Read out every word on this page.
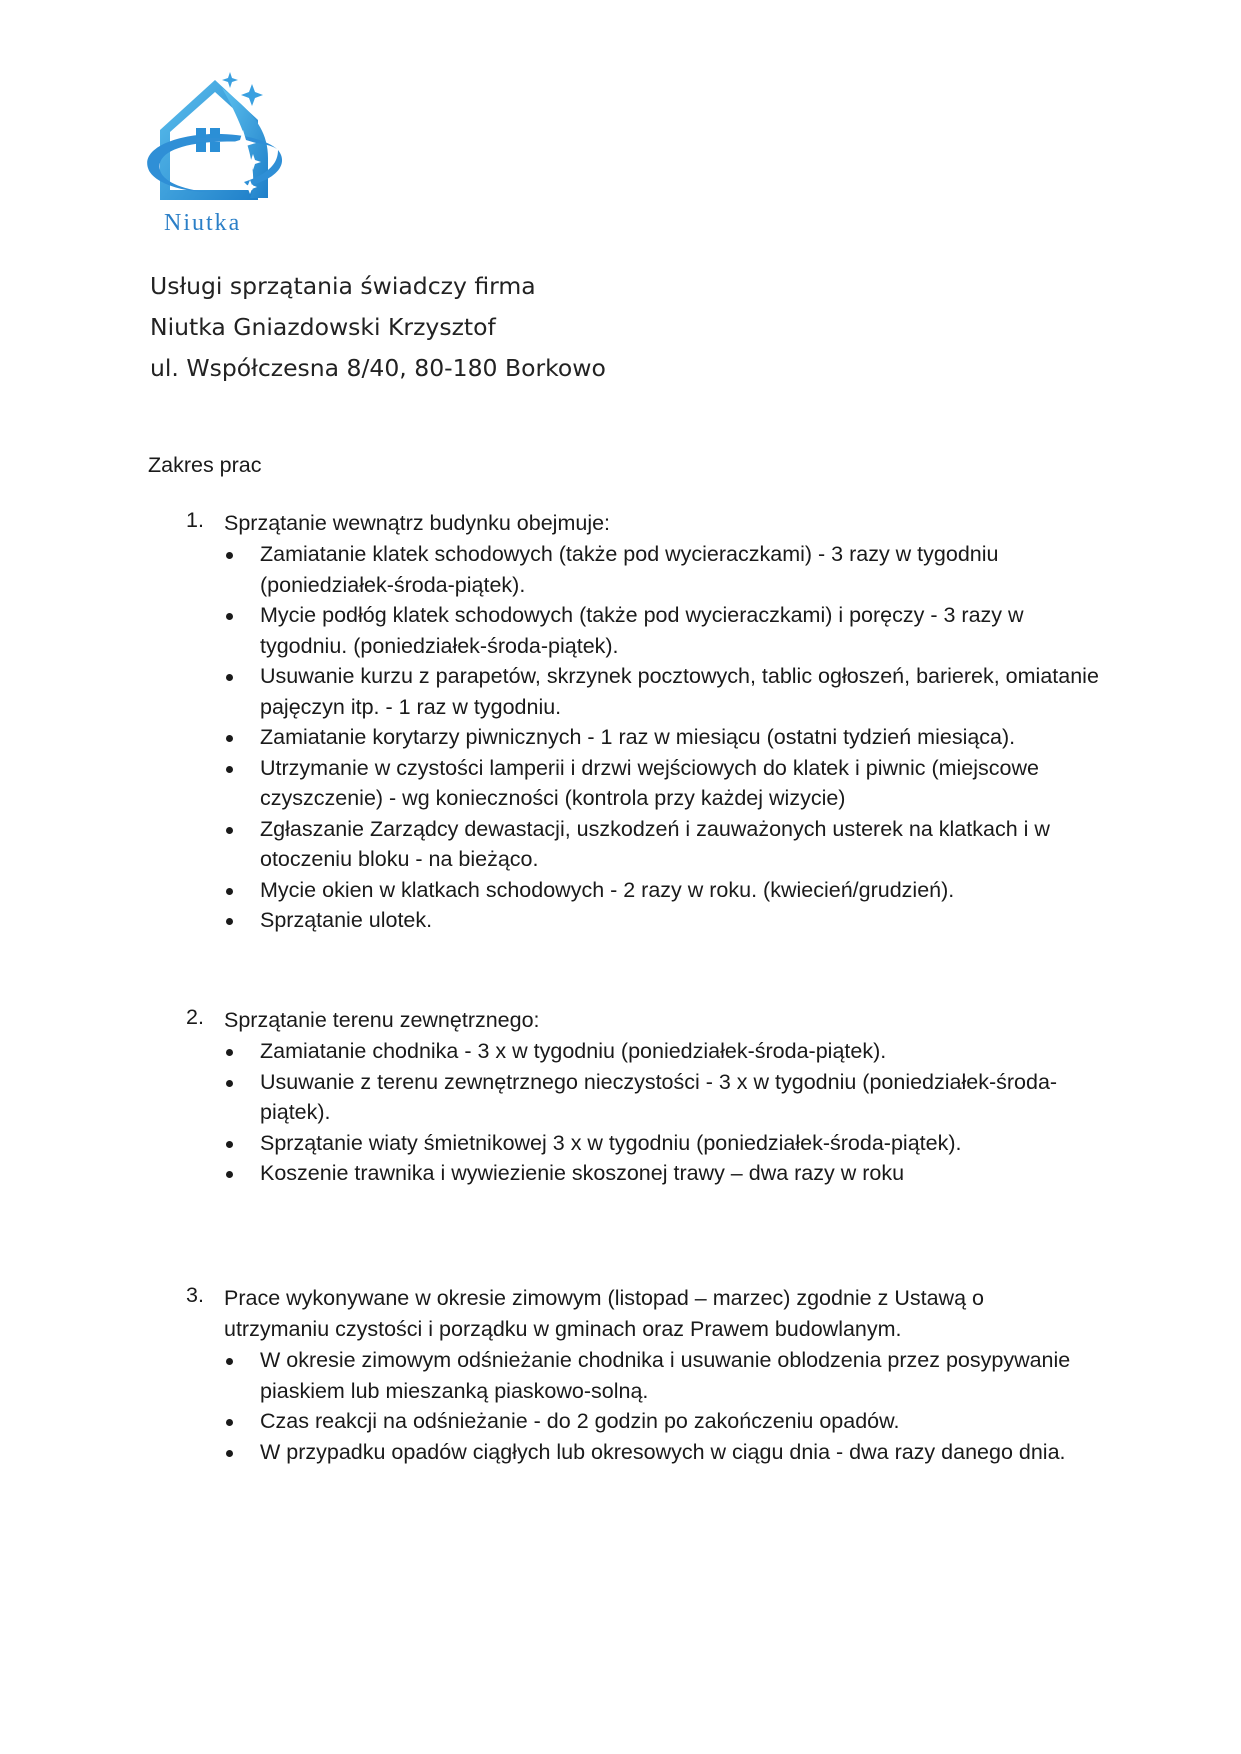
Niutka
Usługi sprzątania świadczy firma
Niutka Gniazdowski Krzysztof
ul. Współczesna 8/40, 80-180 Borkowo
Zakres prac
1. Sprzątanie wewnątrz budynku obejmuje:
Zamiatanie klatek schodowych (także pod wycieraczkami) - 3 razy w tygodniu (poniedziałek-środa-piątek).
Mycie podłóg klatek schodowych (także pod wycieraczkami) i poręczy - 3 razy w tygodniu. (poniedziałek-środa-piątek).
Usuwanie kurzu z parapetów, skrzynek pocztowych, tablic ogłoszeń, barierek, omiatanie pajęczyn itp. - 1 raz w tygodniu.
Zamiatanie korytarzy piwnicznych - 1 raz w miesiącu (ostatni tydzień miesiąca).
Utrzymanie w czystości lamperii i drzwi wejściowych do klatek i piwnic (miejscowe czyszczenie) - wg konieczności (kontrola przy każdej wizycie)
Zgłaszanie Zarządcy dewastacji, uszkodzeń i zauważonych usterek na klatkach i w otoczeniu bloku - na bieżąco.
Mycie okien w klatkach schodowych - 2 razy w roku. (kwiecień/grudzień).
Sprzątanie ulotek.
2. Sprzątanie terenu zewnętrznego:
Zamiatanie chodnika - 3 x w tygodniu (poniedziałek-środa-piątek).
Usuwanie z terenu zewnętrznego nieczystości - 3 x w tygodniu (poniedziałek-środa-piątek).
Sprzątanie wiaty śmietnikowej 3 x w tygodniu (poniedziałek-środa-piątek).
Koszenie trawnika i wywiezienie skoszonej trawy – dwa razy w roku
3. Prace wykonywane w okresie zimowym (listopad – marzec) zgodnie z Ustawą o utrzymaniu czystości i porządku w gminach oraz Prawem budowlanym.
W okresie zimowym odśnieżanie chodnika i usuwanie oblodzenia przez posypywanie piaskiem lub mieszanką piaskowo-solną.
Czas reakcji na odśnieżanie - do 2 godzin po zakończeniu opadów.
W przypadku opadów ciągłych lub okresowych w ciągu dnia - dwa razy danego dnia.
